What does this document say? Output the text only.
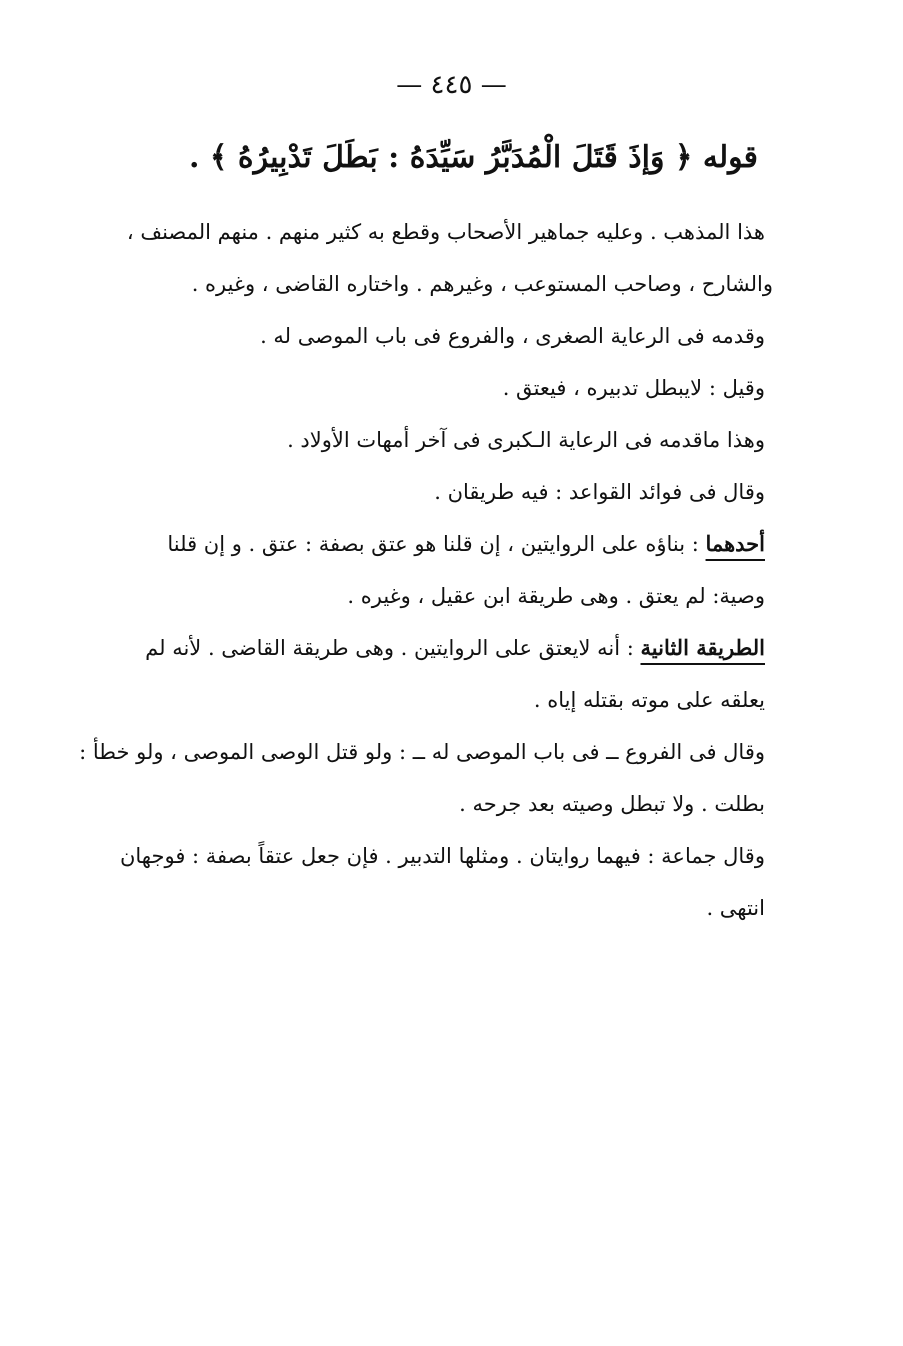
— ٤٤٥ —
قوله ﴿ وَإذَ قَتَلَ الْمُدَبَّرُ سَيِّدَهُ : بَطَلَ تَدْبِيرُهُ ﴾ .
هذا المذهب . وعليه جماهير الأصحاب وقطع به كثير منهم . منهم المصنف ،
والشارح ، وصاحب المستوعب ، وغيرهم . واختاره القاضى ، وغيره .
وقدمه فى الرعاية الصغرى ، والفروع فى باب الموصى له .
وقيل : لايبطل تدبيره ، فيعتق .
وهذا ماقدمه فى الرعاية الـكبرى فى آخر أمهات الأولاد .
وقال فى فوائد القواعد : فيه طريقان .
أحدهما : بناؤه على الروايتين ، إن قلنا هو عتق بصفة : عتق . و إن قلنا
وصية: لم يعتق . وهى طريقة ابن عقيل ، وغيره .
الطريقة الثانية : أنه لايعتق على الروايتين . وهى طريقة القاضى . لأنه لم
يعلقه على موته بقتله إياه .
وقال فى الفروع ــ فى باب الموصى له ــ : ولو قتل الوصى الموصى ، ولو خطأ :
بطلت . ولا تبطل وصيته بعد جرحه .
وقال جماعة : فيهما روايتان . ومثلها التدبير . فإن جعل عتقاً بصفة : فوجهان
انتهى .
